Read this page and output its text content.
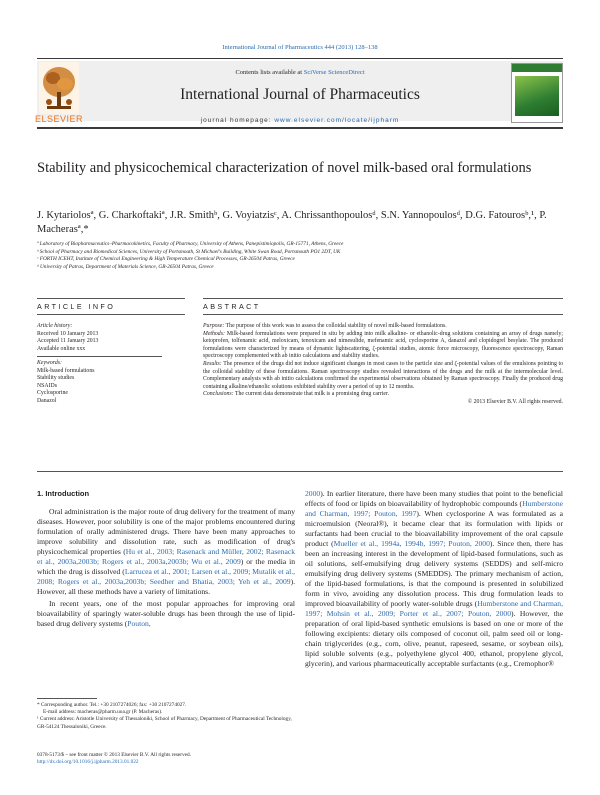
International Journal of Pharmaceutics 444 (2013) 128–138
ELSEVIER
Contents lists available at SciVerse ScienceDirect
International Journal of Pharmaceutics
journal homepage: www.elsevier.com/locate/ijpharm
Stability and physicochemical characterization of novel milk-based oral formulations
J. Kytariolosª, G. Charkoftakiª, J.R. Smithᵇ, G. Voyiatzisᶜ, A. Chrissanthopoulosᵈ, S.N. Yannopoulosᵈ, D.G. Fatourosᵇ,¹, P. Macherasª,*
ª Laboratory of Biopharmaceutics–Pharmacokinetics, Faculty of Pharmacy, University of Athens, Panepistimiopolis, GR-15771, Athens, Greece
ᵇ School of Pharmacy and Biomedical Sciences, University of Portsmouth, St Michael's Building, White Swan Road, Portsmouth PO1 2DT, UK
ᶜ FORTH ICEHT, Institute of Chemical Engineering & High Temperature Chemical Processes, GR-26504 Patras, Greece
ᵈ University of Patras, Department of Materials Science, GR-26504 Patras, Greece
ARTICLE INFO	ABSTRACT
Article history:
Received 10 January 2013
Accepted 11 January 2013
Available online xxx
Keywords:
Milk-based formulations
Stability studies
NSAIDs
Cyclosporine
Danazol
Purpose: The purpose of this work was to assess the colloidal stability of novel milk-based formulations.
Methods: Milk-based formulations were prepared in situ by adding into milk alkaline- or ethanolic-drug solutions containing an array of drugs namely; ketoprofen, tolfenamic acid, meloxicam, tenoxicam and nimesulide, mefenamic acid, cyclosporine A, danazol and clopidogrel besylate. The produced formulations were characterized by means of dynamic lightscattering, ζ-potential studies, atomic force microscopy, fluorescence spectroscopy, Raman spectroscopy complemented with ab initio calculations and stability studies.
Results: The presence of the drugs did not induce significant changes in most cases to the particle size and ζ-potential values of the emulsions pointing to the colloidal stability of these formulations. Raman spectroscopy studies revealed interactions of the drugs and the milk at the intermolecular level. Complementary analysis with ab initio calculations confirmed the experimental observations obtained by Raman spectroscopy. Finally the produced drug containing alkaline/ethanolic solutions exhibited stability over a period of up to 12 months.
Conclusions: The current data demonstrate that milk is a promising drug carrier.
© 2013 Elsevier B.V. All rights reserved.
1. Introduction
Oral administration is the major route of drug delivery for the treatment of many diseases. However, poor solubility is one of the major problems encountered during formulation of orally administered drugs. There have been many approaches to improve solubility and dissolution rate, such as modification of drug's physicochemical properties (Hu et al., 2003; Rasenack and Müller, 2002; Rasenack et al., 2003a,2003b; Rogers et al., 2003a,2003b; Wu et al., 2009) or the media in which the drug is dissolved (Larrucea et al., 2001; Larsen et al., 2009; Mutalik et al., 2008; Rogers et al., 2003a,2003b; Seedher and Bhatia, 2003; Yeh et al., 2009). However, all these methods have a variety of limitations.
In recent years, one of the most popular approaches for improving oral bioavailability of sparingly water-soluble drugs has been through the use of lipid-based drug delivery systems (Pouton,
2000). In earlier literature, there have been many studies that point to the beneficial effects of food or lipids on bioavailability of hydrophobic compounds (Humberstone and Charman, 1997; Pouton, 1997). When cyclosporine A was formulated as a microemulsion (Neoral®), it became clear that its formulation with lipids or surfactants had been crucial to the bioavailability improvement of the oral capsule product (Mueller et al., 1994a, 1994b, 1997; Pouton, 2000). Since then, there has been an increasing interest in the development of lipid-based formulations, such as oil solutions, self-emulsifying drug delivery systems (SEDDS) and self-micro emulsifying drug delivery systems (SMEDDS). The primary mechanism of action, of the lipid-based formulations, is that the compound is presented in solubilized form in vivo, avoiding any dissolution process. This drug formulation leads to improved bioavailability of poorly water-soluble drugs (Humberstone and Charman, 1997; Mohsin et al., 2009; Porter et al., 2007; Pouton, 2000). However, the preparation of oral lipid-based synthetic emulsions is based on one or more of the following excipients: dietary oils composed of coconut oil, palm seed oil or long-chain triglycerides (e.g., corn, olive, peanut, rapeseed, sesame, or soybean oils), lipid soluble solvents (e.g., polyethylene glycol 400, ethanol, propylene glycol, glycerin), and various pharmaceutically acceptable surfactants (e.g., Cremophor®
* Corresponding author. Tel.: +30 2107274026; fax: +30 2107274027.
E-mail address: macheras@pharm.uoa.gr (P. Macheras).
¹ Current address: Aristotle University of Thessaloniki, School of Pharmacy, Department of Pharmaceutical Technology, GR-54124 Thessaloniki, Greece.
0378-5173/$ – see front matter © 2013 Elsevier B.V. All rights reserved.
http://dx.doi.org/10.1016/j.ijpharm.2013.01.022
